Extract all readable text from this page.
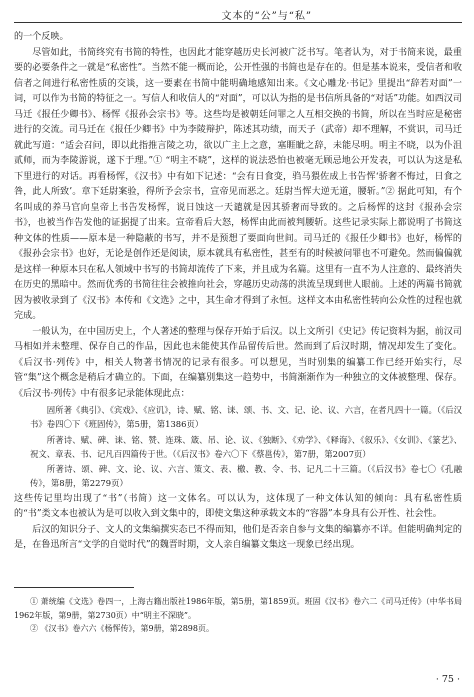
文本的“公”与“私”

的一个反映。

尽管如此，书简终究有书简的特性，也因此才能穿越历史长河被广泛书写。笔者认为，对于书简来说，最重要的必要条件之一就是“私密性”。当然不能一概而论，公开性强的书简也是存在的。但是基本说来，受信者和收信者之间进行私密性质的交谈，这一要素在书简中能明确地感知出来。《文心雕龙·书记》里提出“辞若对面”一词，可以作为书简的特征之一。写信人和收信人的“对面”，可以认为指的是书信所具备的“对话”功能。如西汉司马迁《报任少卿书》、杨恽《报孙会宗书》等。这些均是被朝廷问罪之人互相交换的书简，所以在当时应是秘密进行的交流。司马迁在《报任少卿书》中为李陵辩护，陈述其功绩，而天子（武帝）却不理解，不赏识，司马迁就此写道：“适会召问，即以此指推言陵之功，欲以广主上之意，塞睚眦之辞，未能尽明。明主不晓，以为仆沮贰师，而为李陵游说，遂下于理。”① “明主不晓”，这样的说法恐怕也被毫无顾忌地公开发表，可以认为这是私下里进行的对话。再看杨恽，《汉书》中有如下记述：“会有日食变，驺马猥佐成上书告恽‘骄奢不悔过，日食之咎，此人所致’。章下廷尉案验，得所予会宗书，宣帝见而恶之。廷尉当恽大逆无道，腰斩。”② 据此可知，有个名叫成的养马官向皇帝上书告发杨恽，说日蚀这一天谴就是因其骄奢而导致的。之后杨恽的这封《报孙会宗书》，也被当作告发他的证据提了出来。宣帝看后大怒，杨恽由此而被判腰斩。这些记录实际上都说明了书简这种文体的性质——原本是一种隐蔽的书写，并不是预想了要面向世间。司马迁的《报任少卿书》也好，杨恽的《报孙会宗书》也好，无论是创作还是阅读，原本就具有私密性，甚至有的时候被问罪也不可避免。然而偏偏就是这样一种原本只在私人领域中书写的书简却流传了下来，并且成为名篇。这里有一直不为人注意的、最终消失在历史的黑暗中。然而优秀的书简往往会被推向社会，穿越历史动荡的洪流呈现到世人眼前。上述的两篇书简就因为被收录到了《汉书》本传和《文选》之中，其生命才得到了永恒。这样文本由私密性转向公众性的过程也就完成。

一般认为，在中国历史上，个人著述的整理与保存开始于后汉。以上文所引《史记》传记资料为据，前汉司马相如并未整理、保存自己的作品，因此也未能使其作品留传后世。然而到了后汉时期，情况却发生了变化。《后汉书·列传》中，相关人物著书情况的记录有很多。可以想见，当时别集的编纂工作已经开始实行，尽管“集”这个概念是稍后才确立的。下面，在编纂别集这一趋势中，书简渐渐作为一种独立的文体被整理、保存。《后汉书·列传》中有很多记录能体现此点：

固所著《典引》、《宾戏》、《应讥》，诗、赋、铭、诔、颂、书、文、记、论、议、六言，在者凡四十一篇。（《后汉书》卷四〇下《班固传》，第5册，第1386页）

所著诗、赋、碑、诔、铭、赞、连珠、箴、吊、论、议、《独断》、《劝学》、《释诲》、《叙乐》、《女训》、《篆艺》、祝文、章表、书、记凡百四篇传于世。（《后汉书》卷六〇下《蔡邕传》，第7册，第2007页）

所著诗、颂、碑、文、论、议、六言、策文、表、檄、教、令、书、记凡二十三篇。（《后汉书》卷七〇《孔融传》，第8册，第2279页）

这些传记里均出现了“书”（书简）这一文体名。可以认为，这体现了一种文体认知的倾向：具有私密性质的“书”类文本也被认为是可以收入到文集中的，即使文集这种承载文本的“容器”本身具有公开性、社会性。

后汉的知识分子、文人的文集编撰实态已不得而知，他们是否亲自参与文集的编纂亦不详。但能明确判定的是，在鲁迅所言“文学的自觉时代”的魏晋时期，文人亲自编纂文集这一现象已经出现。

① 萧统编《文选》卷四一，上海古籍出版社1986年版，第5册，第1859页。班固《汉书》卷六二《司马迁传》（中华书局1962年版，第9册，第2730页）中“明主不深晓”。

② 《汉书》卷六六《杨恽传》，第9册，第2898页。

· 75 ·
